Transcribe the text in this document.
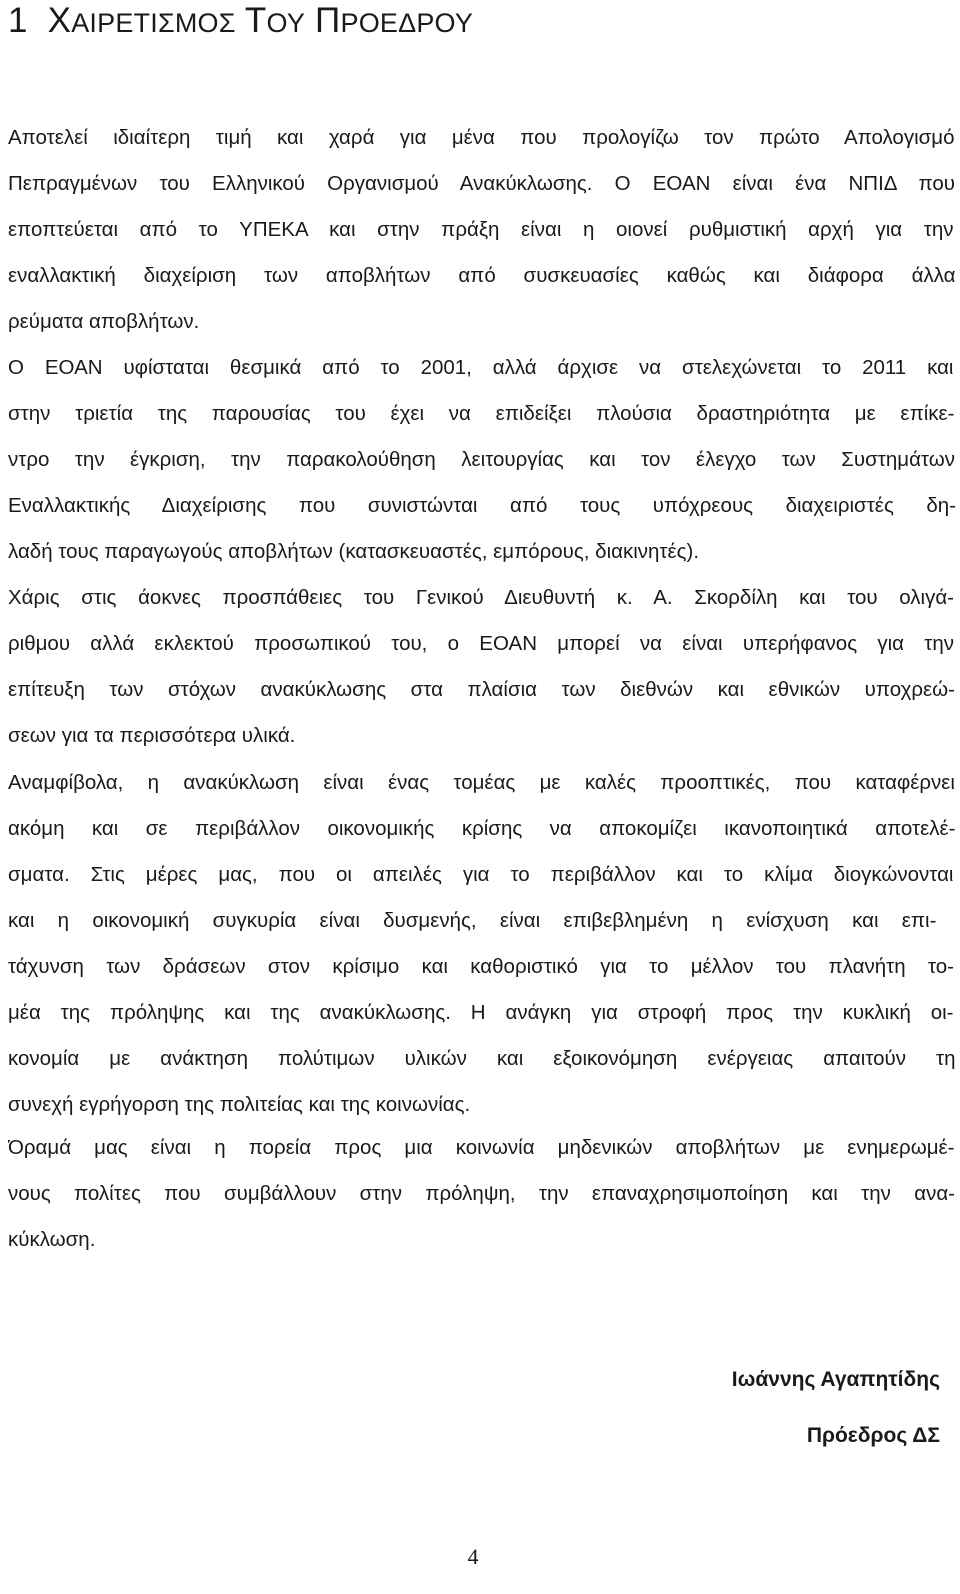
1 ΧΑΙΡΕΤΙΣΜΟΣ ΤΟΥ ΠΡΟΕΔΡΟΥ
Αποτελεί ιδιαίτερη τιμή και χαρά για μένα που προλογίζω τον πρώτο Απολογισμό
Πεπραγμένων του Ελληνικού Οργανισμού Ανακύκλωσης. Ο ΕΟΑΝ είναι ένα ΝΠΙΔ που
εποπτεύεται από το ΥΠΕΚΑ και στην πράξη είναι η οιονεί ρυθμιστική αρχή για την
εναλλακτική διαχείριση των αποβλήτων από συσκευασίες καθώς και διάφορα άλλα
ρεύματα αποβλήτων.
Ο ΕΟΑΝ υφίσταται θεσμικά από το 2001, αλλά άρχισε να στελεχώνεται το 2011 και
στην τριετία της παρουσίας του έχει να επιδείξει πλούσια δραστηριότητα με επίκε-
ντρο την έγκριση, την παρακολούθηση λειτουργίας και τον έλεγχο των Συστημάτων
Εναλλακτικής Διαχείρισης που συνιστώνται από τους υπόχρεους διαχειριστές δη-
λαδή τους παραγωγούς αποβλήτων (κατασκευαστές, εμπόρους, διακινητές).
Χάρις στις άοκνες προσπάθειες του Γενικού Διευθυντή κ. Α. Σκορδίλη και του ολιγά-
ριθμου αλλά εκλεκτού προσωπικού του, ο ΕΟΑΝ μπορεί να είναι υπερήφανος για την
επίτευξη των στόχων ανακύκλωσης στα πλαίσια των διεθνών και εθνικών υποχρεώ-
σεων για τα περισσότερα υλικά.
Αναμφίβολα, η ανακύκλωση είναι ένας τομέας με καλές προοπτικές, που καταφέρνει
ακόμη και σε περιβάλλον οικονομικής κρίσης να αποκομίζει ικανοποιητικά αποτελέ-
σματα. Στις μέρες μας, που οι απειλές για το περιβάλλον και το κλίμα διογκώνονται
και η οικονομική συγκυρία είναι δυσμενής, είναι επιβεβλημένη η ενίσχυση και επι-
τάχυνση των δράσεων στον κρίσιμο και καθοριστικό για το μέλλον του πλανήτη το-
μέα της πρόληψης και της ανακύκλωσης. Η ανάγκη για στροφή προς την κυκλική οι-
κονομία με ανάκτηση πολύτιμων υλικών και εξοικονόμηση ενέργειας απαιτούν τη
συνεχή εγρήγορση της πολιτείας και της κοινωνίας.
Όραμά μας είναι η πορεία προς μια κοινωνία μηδενικών αποβλήτων με ενημερωμέ-
νους πολίτες που συμβάλλουν στην πρόληψη, την επαναχρησιμοποίηση και την ανα-
κύκλωση.

Ιωάννης Αγαπητίδης

Πρόεδρος ΔΣ

4
